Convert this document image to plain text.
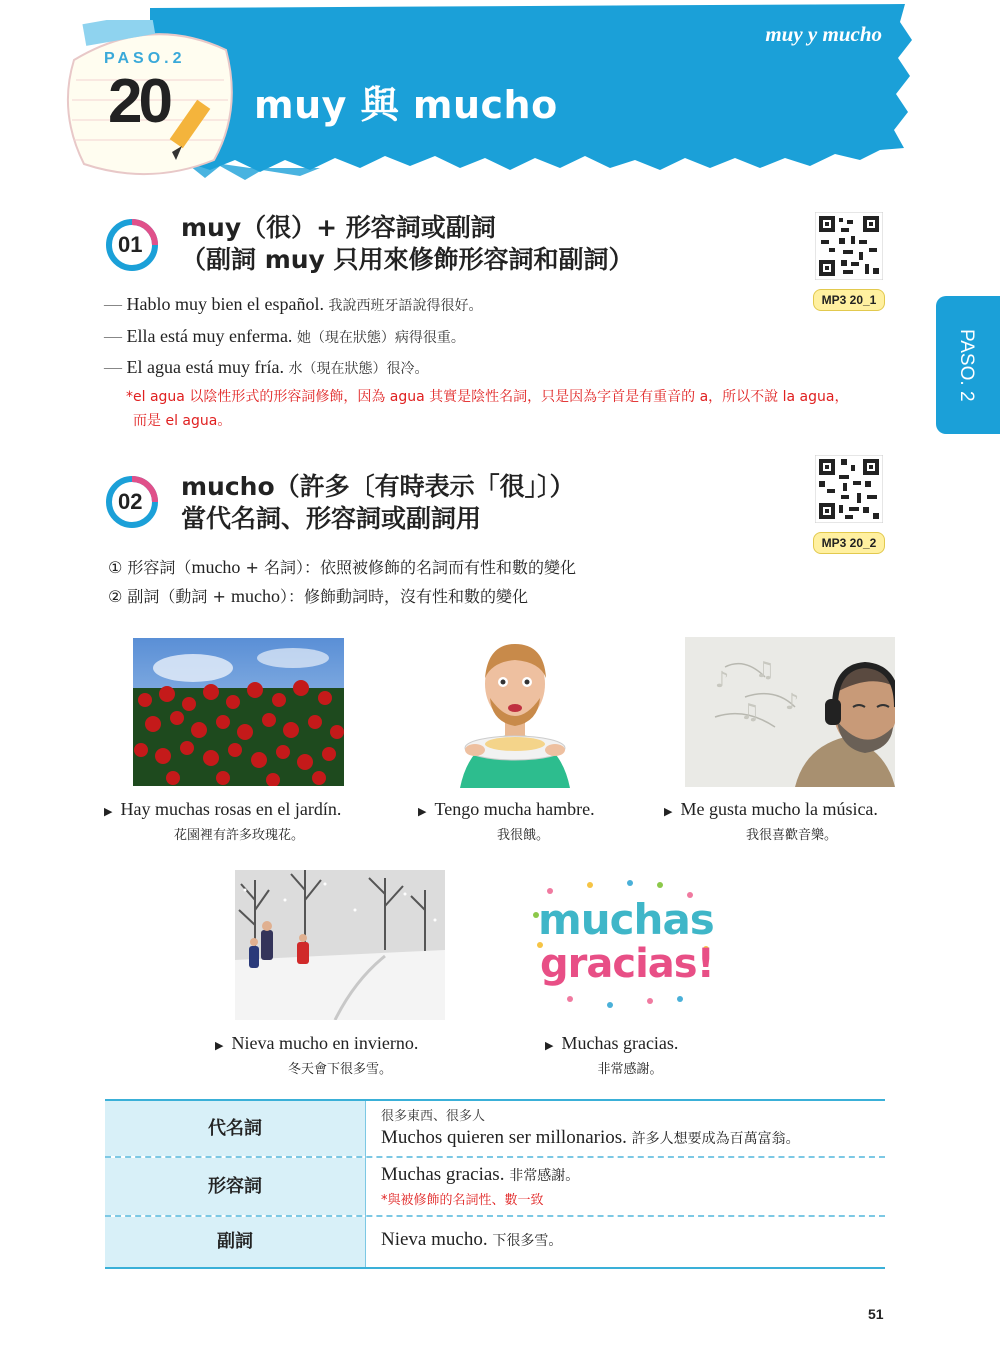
muy y mucho
muy 與 mucho
PASO.2
20
PASO. 2
01
muy（很）+ 形容詞或副詞
（副詞 muy 只用來修飾形容詞和副詞）
MP3 20_1
— Hablo muy bien el español. 我說西班牙語說得很好。
— Ella está muy enferma. 她（現在狀態）病得很重。
— El agua está muy fría. 水（現在狀態）很冷。
*el agua 以陰性形式的形容詞修飾，因為 agua 其實是陰性名詞，只是因為字首是有重音的 a，所以不說 la agua，
而是 el agua。
02
mucho（許多〔有時表示「很」〕）
當代名詞、形容詞或副詞用
MP3 20_2
① 形容詞（mucho + 名詞）：依照被修飾的名詞而有性和數的變化
② 副詞（動詞 + mucho）：修飾動詞時，沒有性和數的變化
▶ Hay muchas rosas en el jardín.
花園裡有許多玫瑰花。
▶ Tengo mucha hambre.
我很餓。
♪ ♫
♪
♫
▶ Me gusta mucho la música.
我很喜歡音樂。
▶ Nieva mucho en invierno.
冬天會下很多雪。
muchas
gracias!
▶ Muchas gracias.
非常感謝。
代名詞
很多東西、很多人
Muchos quieren ser millonarios. 許多人想要成為百萬富翁。
形容詞
Muchas gracias. 非常感謝。
*與被修飾的名詞性、數一致
副詞	Nieva mucho. 下很多雪。
51
